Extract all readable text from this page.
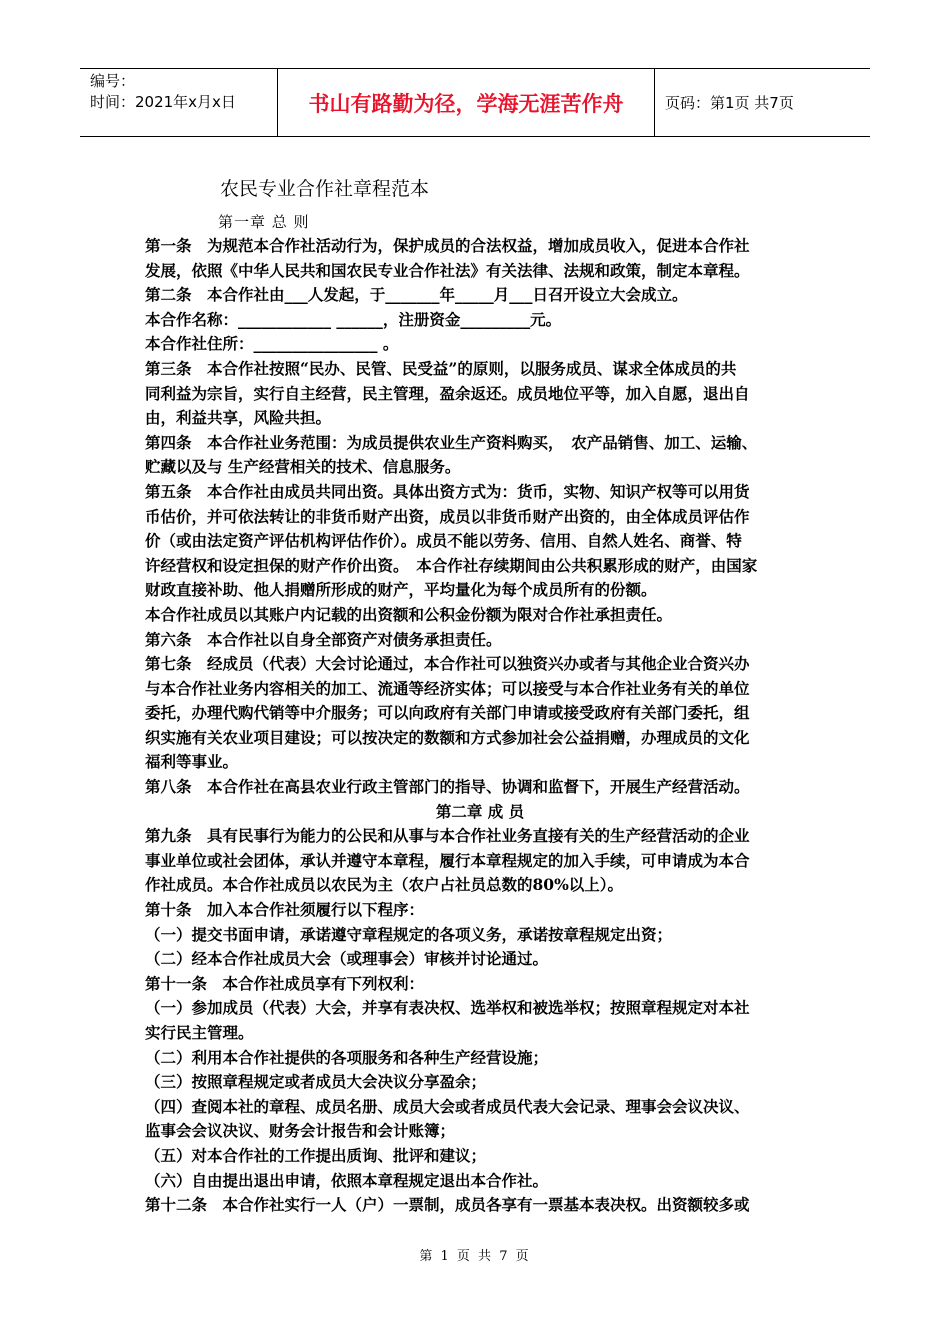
编号：
时间：2021年x月x日	书山有路勤为径，学海无涯苦作舟	页码：第1页 共7页
农民专业合作社章程范本
第一章 总 则

第一条　为规范本合作社活动行为，保护成员的合法权益，增加成员收入，促进本合作社

发展，依照《中华人民共和国农民专业合作社法》有关法律、法规和政策，制定本章程。

第二条　本合作社由___人发起，于_______年_____月___日召开设立大会成立。

本合作名称：____________ ______，注册资金_________元。

本合作社住所：________________ 。

第三条　本合作社按照“民办、民管、民受益”的原则，以服务成员、谋求全体成员的共

同利益为宗旨，实行自主经营，民主管理，盈余返还。成员地位平等，加入自愿，退出自

由，利益共享，风险共担。

第四条　本合作社业务范围：为成员提供农业生产资料购买，　农产品销售、加工、运输、

贮藏以及与 生产经营相关的技术、信息服务。

第五条　本合作社由成员共同出资。具体出资方式为：货币，实物、知识产权等可以用货

币估价，并可依法转让的非货币财产出资，成员以非货币财产出资的，由全体成员评估作

价（或由法定资产评估机构评估作价）。成员不能以劳务、信用、自然人姓名、商誉、特

许经营权和设定担保的财产作价出资。　本合作社存续期间由公共积累形成的财产，由国家

财政直接补助、他人捐赠所形成的财产，平均量化为每个成员所有的份额。

本合作社成员以其账户内记载的出资额和公积金份额为限对合作社承担责任。

第六条　本合作社以自身全部资产对债务承担责任。

第七条　经成员（代表）大会讨论通过，本合作社可以独资兴办或者与其他企业合资兴办

与本合作社业务内容相关的加工、流通等经济实体；可以接受与本合作社业务有关的单位

委托，办理代购代销等中介服务；可以向政府有关部门申请或接受政府有关部门委托，组

织实施有关农业项目建设；可以按决定的数额和方式参加社会公益捐赠，办理成员的文化

福利等事业。

第八条　本合作社在高县农业行政主管部门的指导、协调和监督下，开展生产经营活动。

第二章 成 员

第九条　具有民事行为能力的公民和从事与本合作社业务直接有关的生产经营活动的企业

事业单位或社会团体，承认并遵守本章程，履行本章程规定的加入手续，可申请成为本合

作社成员。本合作社成员以农民为主（农户占社员总数的80%以上）。

第十条　加入本合作社须履行以下程序：

（一）提交书面申请，承诺遵守章程规定的各项义务，承诺按章程规定出资；

（二）经本合作社成员大会（或理事会）审核并讨论通过。

第十一条　本合作社成员享有下列权利：

（一）参加成员（代表）大会，并享有表决权、选举权和被选举权；按照章程规定对本社

实行民主管理。

（二）利用本合作社提供的各项服务和各种生产经营设施；

（三）按照章程规定或者成员大会决议分享盈余；

（四）查阅本社的章程、成员名册、成员大会或者成员代表大会记录、理事会会议决议、

监事会会议决议、财务会计报告和会计账簿；

（五）对本合作社的工作提出质询、批评和建议；

（六）自由提出退出申请，依照本章程规定退出本合作社。

第十二条　本合作社实行一人（户）一票制，成员各享有一票基本表决权。出资额较多或

第 1 页 共 7 页
